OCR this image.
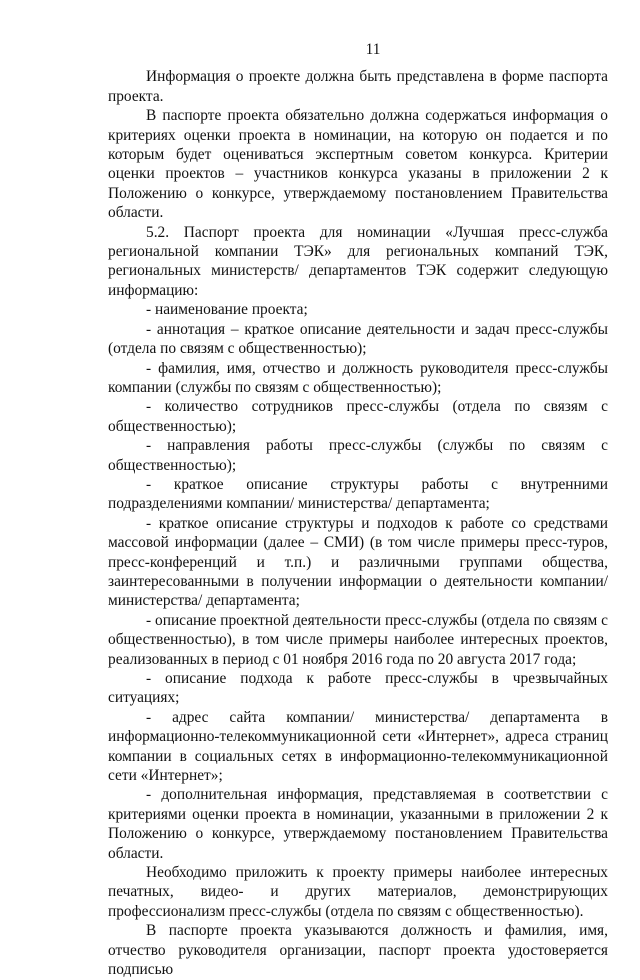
11

Информация о проекте должна быть представлена в форме паспорта проекта.

В паспорте проекта обязательно должна содержаться информация о критериях оценки проекта в номинации, на которую он подается и по которым будет оцениваться экспертным советом конкурса. Критерии оценки проектов – участников конкурса указаны в приложении 2 к Положению о конкурсе, утверждаемому постановлением Правительства области.

5.2. Паспорт проекта для номинации «Лучшая пресс-служба региональной компании ТЭК» для региональных компаний ТЭК, региональных министерств/ департаментов ТЭК содержит следующую информацию:

- наименование проекта;

- аннотация – краткое описание деятельности и задач пресс-службы (отдела по связям с общественностью);

- фамилия, имя, отчество и должность руководителя пресс-службы компании (службы по связям с общественностью);

- количество сотрудников пресс-службы (отдела по связям с общественностью);

- направления работы пресс-службы (службы по связям с общественностью);

- краткое описание структуры работы с внутренними подразделениями компании/ министерства/ департамента;

- краткое описание структуры и подходов к работе со средствами массовой информации (далее – СМИ) (в том числе примеры пресс-туров, пресс-конференций и т.п.) и различными группами общества, заинтересованными в получении информации о деятельности компании/ министерства/ департамента;

- описание проектной деятельности пресс-службы (отдела по связям с общественностью), в том числе примеры наиболее интересных проектов, реализованных в период с 01 ноября 2016 года по 20 августа 2017 года;

- описание подхода к работе пресс-службы в чрезвычайных ситуациях;

- адрес сайта компании/ министерства/ департамента в информационно-телекоммуникационной сети «Интернет», адреса страниц компании в социальных сетях в информационно-телекоммуникационной сети «Интернет»;

- дополнительная информация, представляемая в соответствии с критериями оценки проекта в номинации, указанными в приложении 2 к Положению о конкурсе, утверждаемому постановлением Правительства области.

Необходимо приложить к проекту примеры наиболее интересных печатных, видео- и других материалов, демонстрирующих профессионализм пресс-службы (отдела по связям с общественностью).

В паспорте проекта указываются должность и фамилия, имя, отчество руководителя организации, паспорт проекта удостоверяется подписью
